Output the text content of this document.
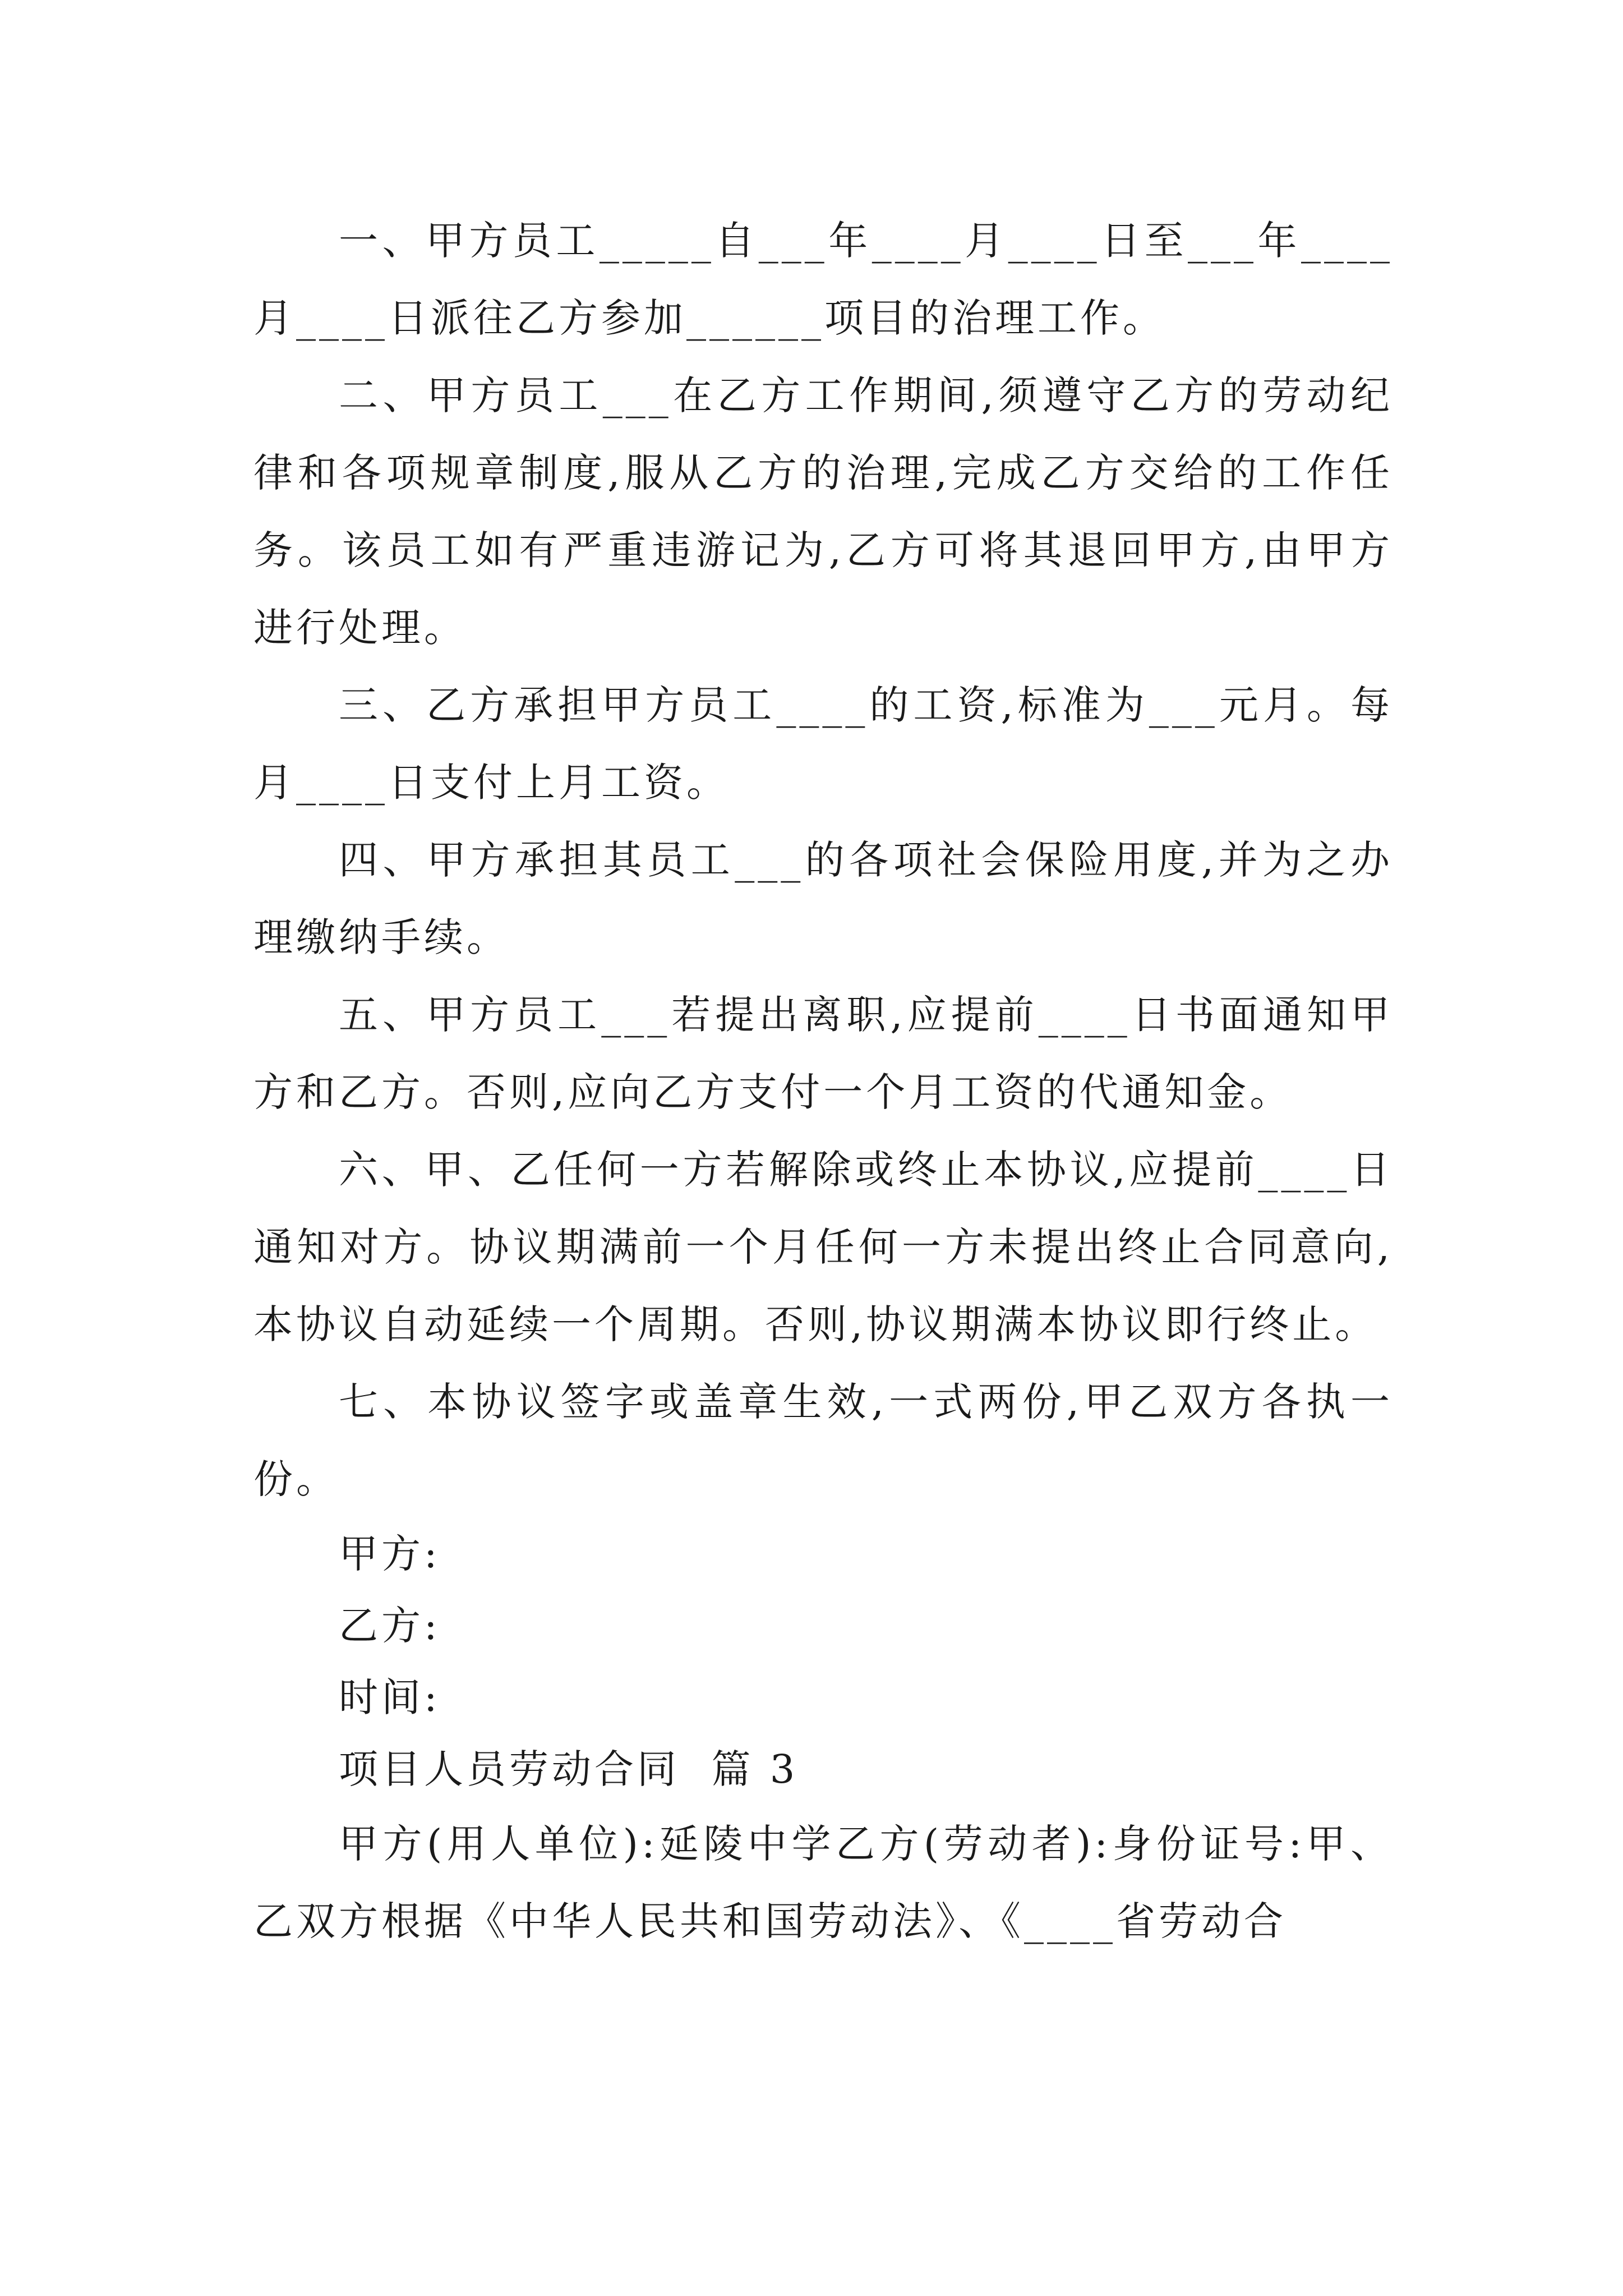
一、甲方员工_____自___年____月____日至___年____月____日派往乙方参加______项目的治理工作。

二、甲方员工___在乙方工作期间,须遵守乙方的劳动纪律和各项规章制度,服从乙方的治理,完成乙方交给的工作任务。该员工如有严重违游记为,乙方可将其退回甲方,由甲方进行处理。

三、乙方承担甲方员工____的工资,标准为___元月。每月____日支付上月工资。

四、甲方承担其员工___的各项社会保险用度,并为之办理缴纳手续。

五、甲方员工___若提出离职,应提前____日书面通知甲方和乙方。否则,应向乙方支付一个月工资的代通知金。

六、甲、乙任何一方若解除或终止本协议,应提前____日通知对方。协议期满前一个月任何一方未提出终止合同意向,本协议自动延续一个周期。否则,协议期满本协议即行终止。

七、本协议签字或盖章生效,一式两份,甲乙双方各执一份。

甲方:

乙方:

时间:

项目人员劳动合同  篇 3

甲方(用人单位):延陵中学乙方(劳动者):身份证号:甲、乙双方根据《中华人民共和国劳动法》、《____省劳动合
